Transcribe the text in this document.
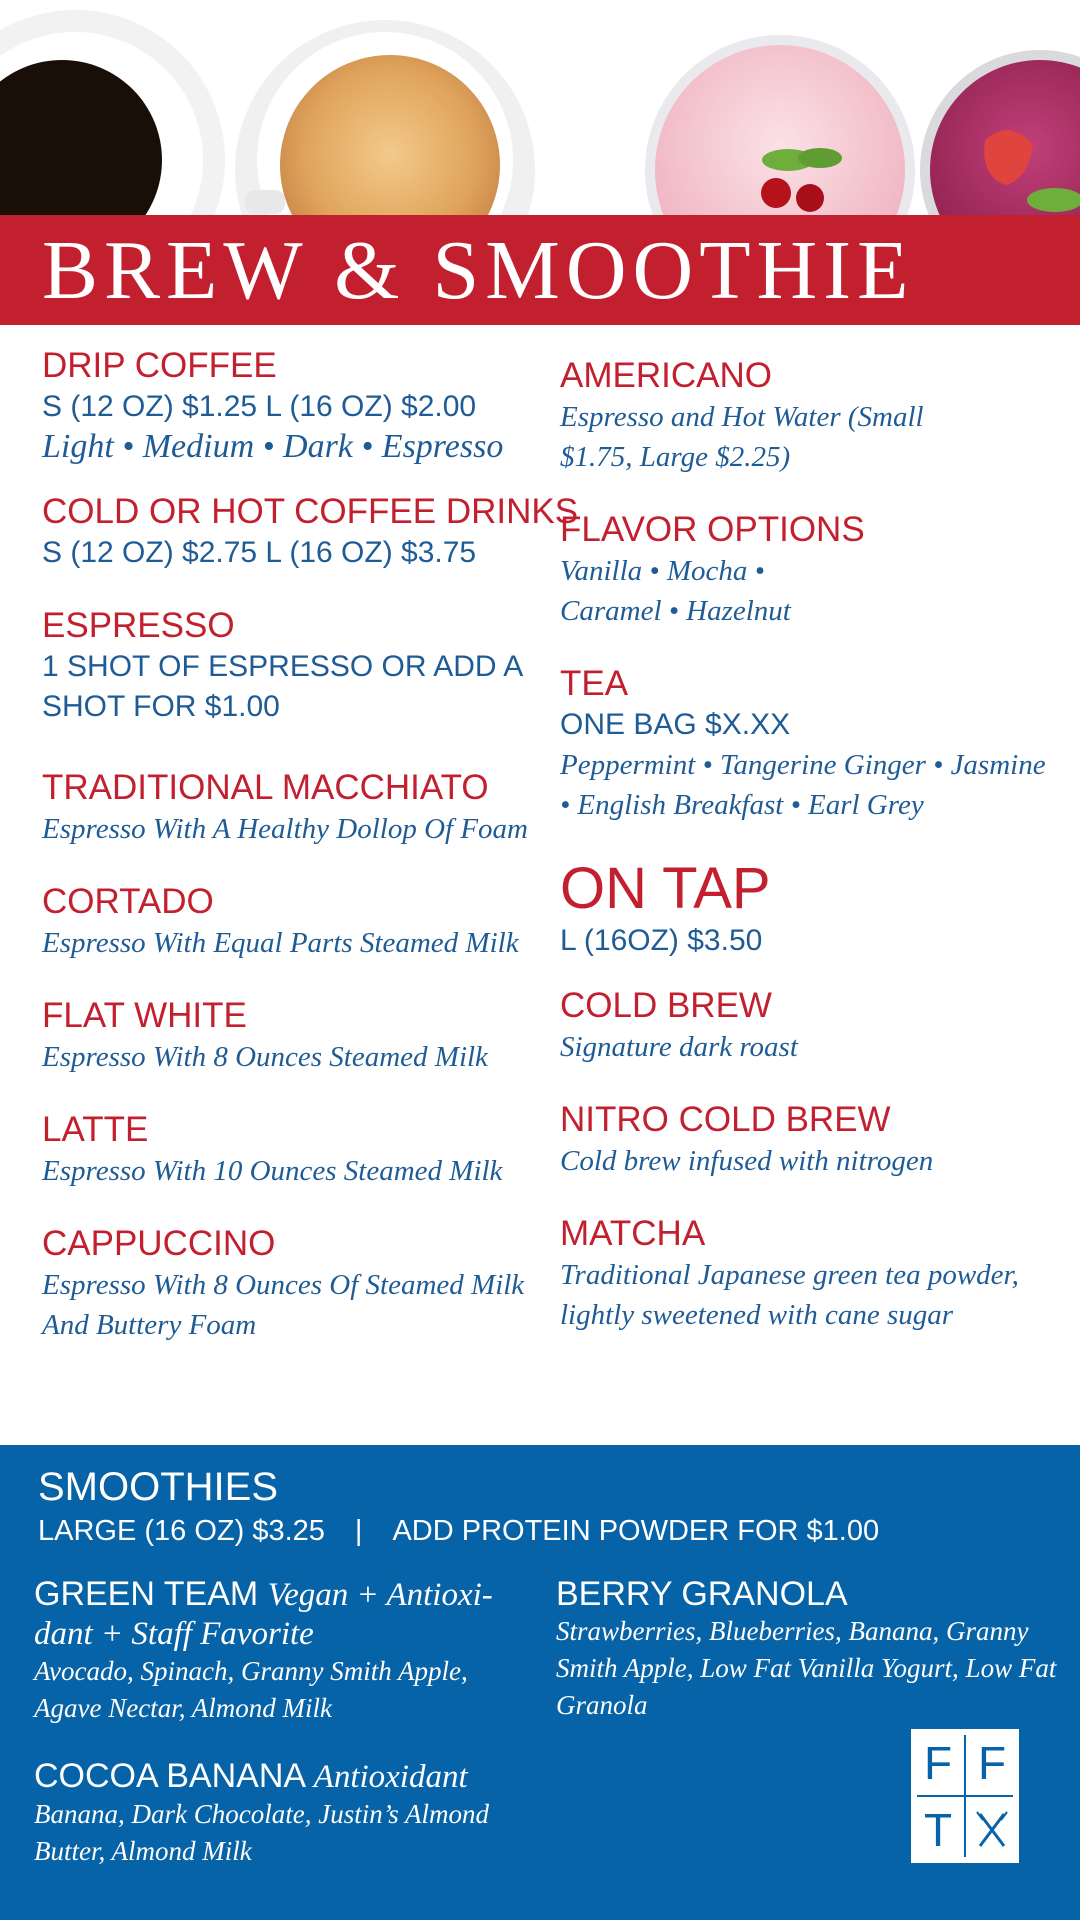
BREW & SMOOTHIE
DRIP COFFEE
S (12 OZ) $1.25 L (16 OZ) $2.00
Light • Medium • Dark • Espresso
COLD OR HOT COFFEE DRINKS
S (12 OZ) $2.75 L (16 OZ) $3.75
ESPRESSO
1 SHOT OF ESPRESSO OR ADD A SHOT FOR $1.00
TRADITIONAL MACCHIATO
Espresso With A Healthy Dollop Of Foam
CORTADO
Espresso With Equal Parts Steamed Milk
FLAT WHITE
Espresso With 8 Ounces Steamed Milk
LATTE
Espresso With 10 Ounces Steamed Milk
CAPPUCCINO
Espresso With 8 Ounces Of Steamed Milk And Buttery Foam
AMERICANO
Espresso and Hot Water (Small $1.75, Large $2.25)
FLAVOR OPTIONS
Vanilla • Mocha • Caramel • Hazelnut
TEA
ONE BAG $X.XX
Peppermint • Tangerine Ginger • Jasmine • English Breakfast • Earl Grey
ON TAP
L (16OZ) $3.50
COLD BREW
Signature dark roast
NITRO COLD BREW
Cold brew infused with nitrogen
MATCHA
Traditional Japanese green tea powder, lightly sweetened with cane sugar
SMOOTHIES
LARGE (16 OZ) $3.25 | ADD PROTEIN POWDER FOR $1.00
GREEN TEAM Vegan + Antioxi-dant + Staff Favorite
Avocado, Spinach, Granny Smith Apple, Agave Nectar, Almond Milk
BERRY GRANOLA
Strawberries, Blueberries, Banana, Granny Smith Apple, Low Fat Vanilla Yogurt, Low Fat Granola
COCOA BANANA Antioxidant
Banana, Dark Chocolate, Justin’s Almond Butter, Almond Milk
F F
T
